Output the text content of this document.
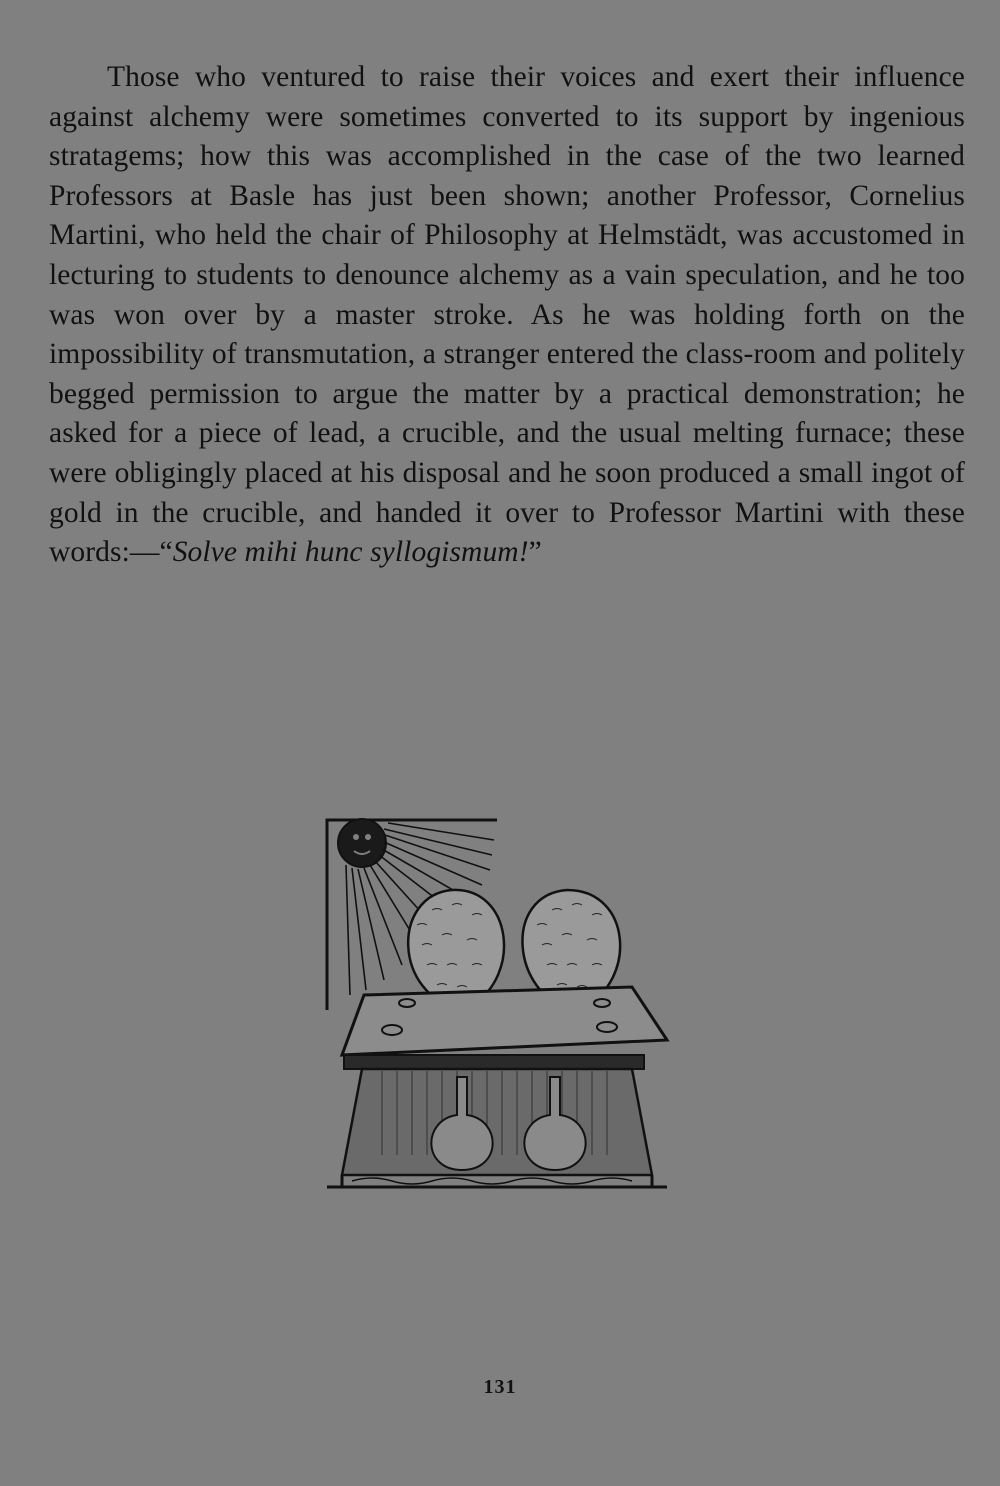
Those who ventured to raise their voices and exert their influence against alchemy were sometimes converted to its support by ingenious stratagems; how this was accomplished in the case of the two learned Professors at Basle has just been shown; another Professor, Cornelius Martini, who held the chair of Philosophy at Helmstädt, was accustomed in lecturing to students to denounce alchemy as a vain speculation, and he too was won over by a master stroke. As he was holding forth on the impossibility of transmutation, a stranger entered the class-room and politely begged permission to argue the matter by a practical demonstration; he asked for a piece of lead, a crucible, and the usual melting furnace; these were obligingly placed at his disposal and he soon produced a small ingot of gold in the crucible, and handed it over to Professor Martini with these words:—“Solve mihi hunc syllogismum!”

131
